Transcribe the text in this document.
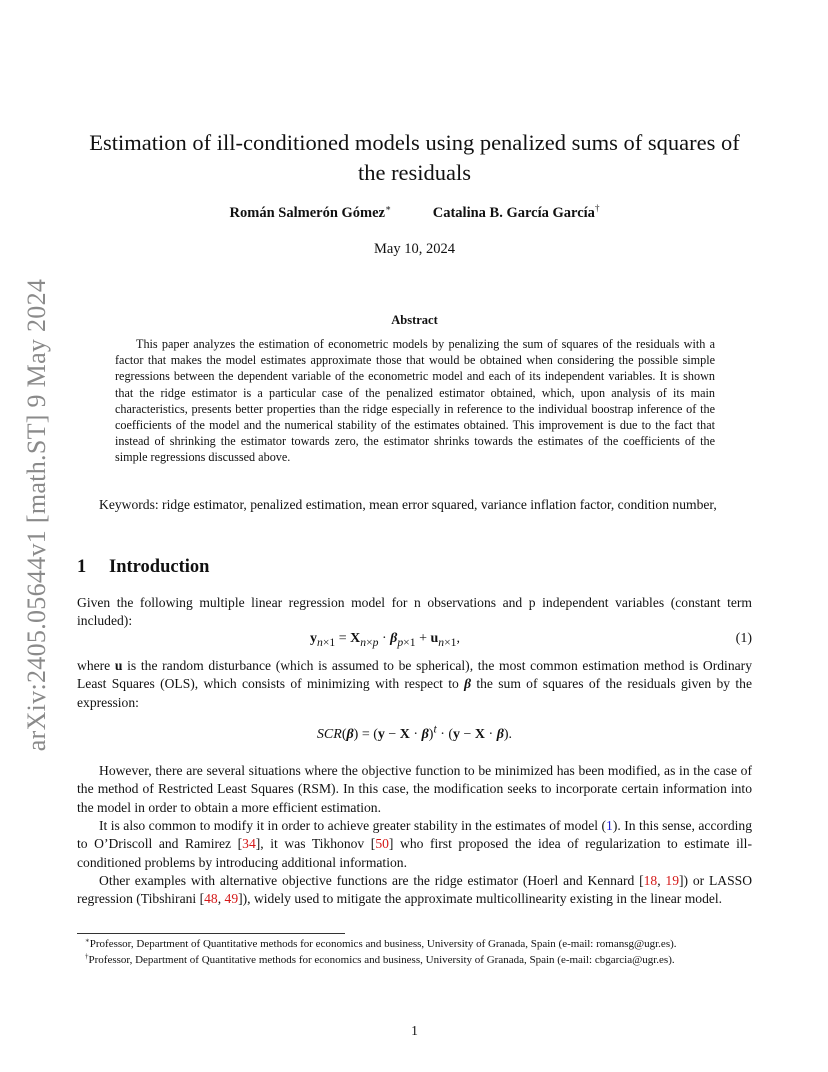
arXiv:2405.05644v1 [math.ST] 9 May 2024
Estimation of ill-conditioned models using penalized sums of squares of the residuals
Román Salmerón Gómez∗	Catalina B. García García†
May 10, 2024
Abstract

This paper analyzes the estimation of econometric models by penalizing the sum of squares of the residuals with a factor that makes the model estimates approximate those that would be obtained when considering the possible simple regressions between the dependent variable of the econometric model and each of its independent variables. It is shown that the ridge estimator is a particular case of the penalized estimator obtained, which, upon analysis of its main characteristics, presents better properties than the ridge especially in reference to the individual boostrap inference of the coefficients of the model and the numerical stability of the estimates obtained. This improvement is due to the fact that instead of shrinking the estimator towards zero, the estimator shrinks towards the estimates of the coefficients of the simple regressions discussed above.

Keywords: ridge estimator, penalized estimation, mean error squared, variance inflation factor, condition number,

1 Introduction

Given the following multiple linear regression model for n observations and p independent variables (constant term included):

$y_{n\times 1} = X_{n\times p} \cdot \beta_{p\times 1} + u_{n\times 1}$,	(1)

where u is the random disturbance (which is assumed to be spherical), the most common estimation method is Ordinary Least Squares (OLS), which consists of minimizing with respect to β the sum of squares of the residuals given by the expression:

$SCR(\beta) = (y - X \cdot \beta)^t \cdot (y - X \cdot \beta)$.

However, there are several situations where the objective function to be minimized has been modified, as in the case of the method of Restricted Least Squares (RSM). In this case, the modification seeks to incorporate certain information into the model in order to obtain a more efficient estimation.

It is also common to modify it in order to achieve greater stability in the estimates of model (1). In this sense, according to O’Driscoll and Ramirez [34], it was Tikhonov [50] who first proposed the idea of regularization to estimate ill-conditioned problems by introducing additional information.

Other examples with alternative objective functions are the ridge estimator (Hoerl and Kennard [18, 19]) or LASSO regression (Tibshirani [48, 49]), widely used to mitigate the approximate multicollinearity existing in the linear model.

∗Professor, Department of Quantitative methods for economics and business, University of Granada, Spain (e-mail: romansg@ugr.es).

†Professor, Department of Quantitative methods for economics and business, University of Granada, Spain (e-mail: cbgarcia@ugr.es).

1
